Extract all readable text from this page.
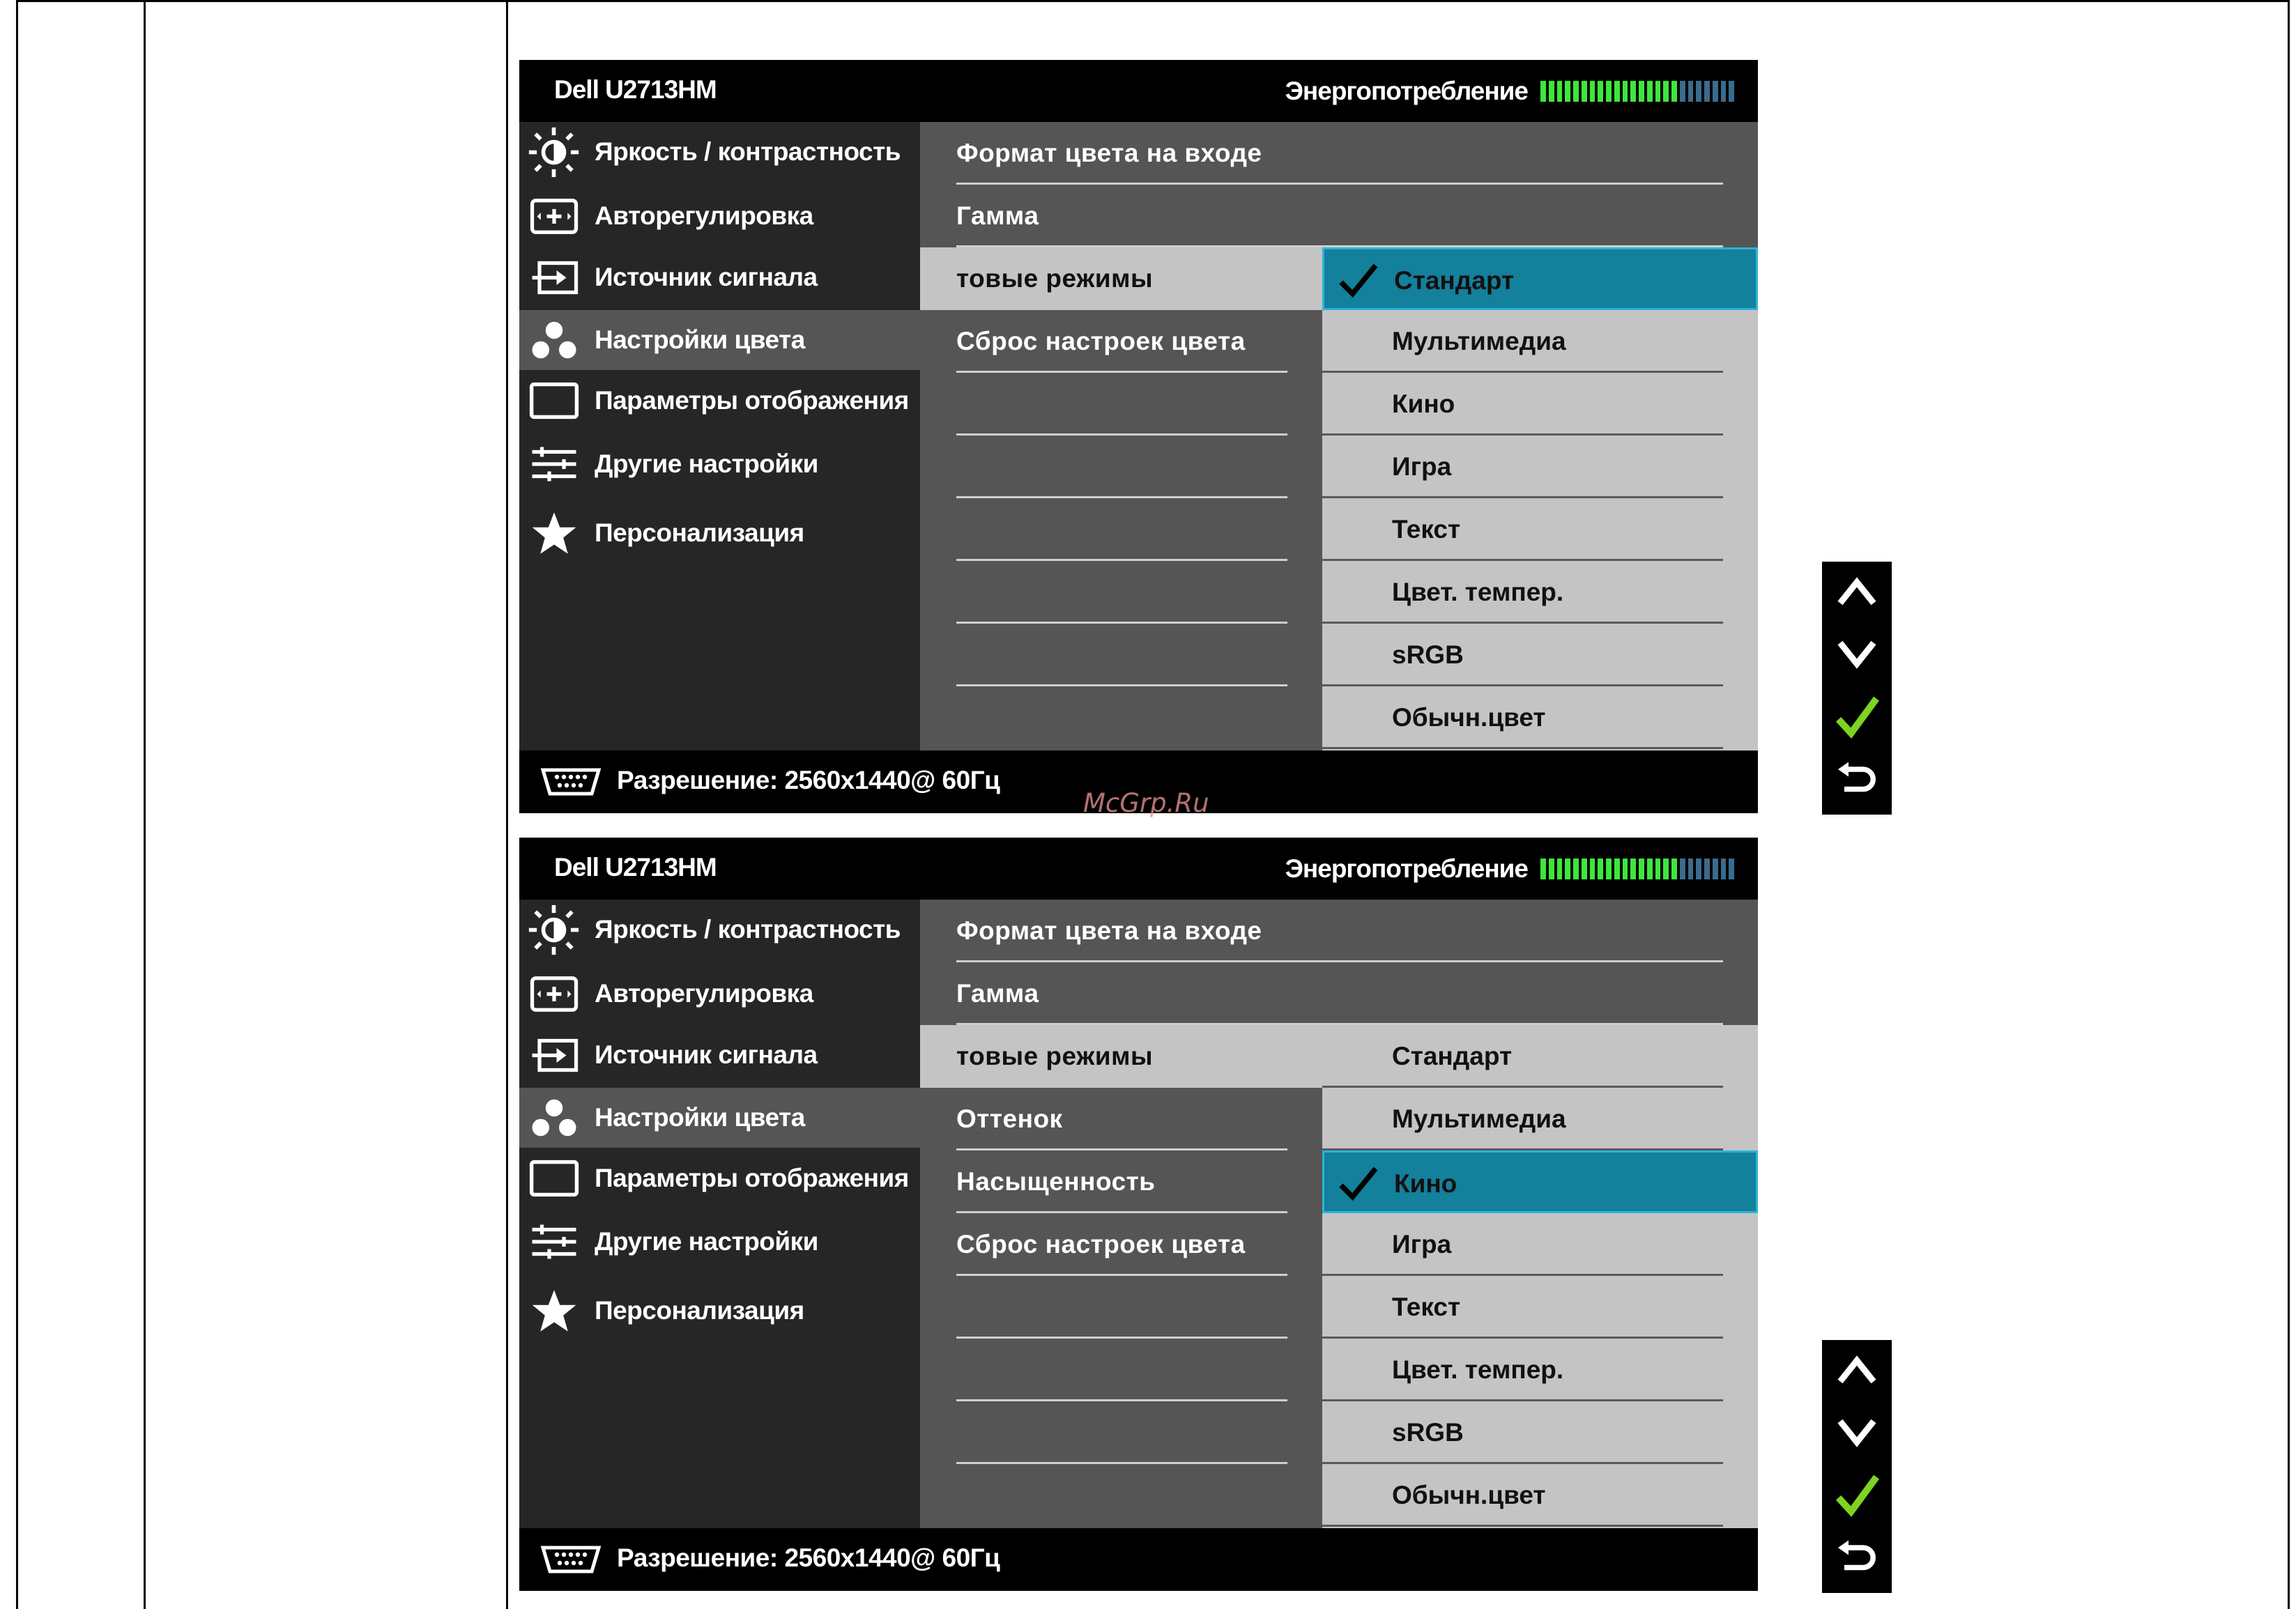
Dell U2713HM	Энергопотребление
Яркость / контрастность
Авторегулировка
Источник сигнала
Настройки цвета
Параметры отображения
Другие настройки
Персонализация
Формат цвета на входе
Гамма
товые режимы
Сброс настроек цвета
Стандарт
Мультимедиа
Кино
Игра
Текст
Цвет. темпер.
sRGB
Обычн.цвет
Разрешение: 2560x1440@ 60Гц
Dell U2713HM	Энергопотребление
Яркость / контрастность
Авторегулировка
Источник сигнала
Настройки цвета
Параметры отображения
Другие настройки
Персонализация
Формат цвета на входе
Гамма
товые режимы
Оттенок
Насыщенность
Сброс настроек цвета
Стандарт
Мультимедиа
Кино
Игра
Текст
Цвет. темпер.
sRGB
Обычн.цвет
Разрешение: 2560x1440@ 60Гц
McGrp.Ru
